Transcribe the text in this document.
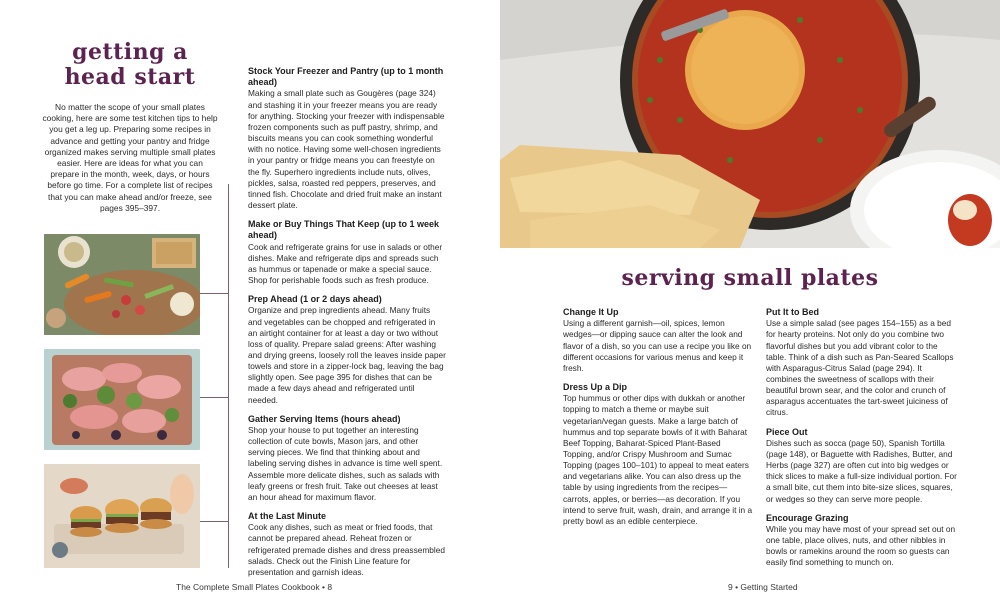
getting a
head start
No matter the scope of your small plates cooking, here are some test kitchen tips to help you get a leg up. Preparing some recipes in advance and getting your pantry and fridge organized makes serving multiple small plates easier. Here are ideas for what you can prepare in the month, week, days, or hours before go time. For a complete list of recipes that you can make ahead and/or freeze, see pages 395–397.
Stock Your Freezer and Pantry (up to 1 month ahead)
Making a small plate such as Gougères (page 324) and stashing it in your freezer means you are ready for anything. Stocking your freezer with indispensable frozen components such as puff pastry, shrimp, and biscuits means you can cook something wonderful with no notice. Having some well-chosen ingredients in your pantry or fridge means you can freestyle on the fly. Superhero ingredients include nuts, olives, pickles, salsa, roasted red peppers, preserves, and tinned fish. Chocolate and dried fruit make an instant dessert plate.
Make or Buy Things That Keep (up to 1 week ahead)
Cook and refrigerate grains for use in salads or other dishes. Make and refrigerate dips and spreads such as hummus or tapenade or make a special sauce. Shop for perishable foods such as fresh produce.
Prep Ahead (1 or 2 days ahead)
Organize and prep ingredients ahead. Many fruits and vegetables can be chopped and refrigerated in an airtight container for at least a day or two without loss of quality. Prepare salad greens: After washing and drying greens, loosely roll the leaves inside paper towels and store in a zipper-lock bag, leaving the bag slightly open. See page 395 for dishes that can be made a few days ahead and refrigerated until needed.
Gather Serving Items (hours ahead)
Shop your house to put together an interesting collection of cute bowls, Mason jars, and other serving pieces. We find that thinking about and labeling serving dishes in advance is time well spent. Assemble more delicate dishes, such as salads with leafy greens or fresh fruit. Take out cheeses at least an hour ahead for maximum flavor.
At the Last Minute
Cook any dishes, such as meat or fried foods, that cannot be prepared ahead. Reheat frozen or refrigerated premade dishes and dress preassembled salads. Check out the Finish Line feature for presentation and garnish ideas.
The Complete Small Plates Cookbook • 8
serving small plates
Change It Up
Using a different garnish—oil, spices, lemon wedges—or dipping sauce can alter the look and flavor of a dish, so you can use a recipe you like on different occasions for various menus and keep it fresh.
Dress Up a Dip
Top hummus or other dips with dukkah or another topping to match a theme or maybe suit vegetarian/vegan guests. Make a large batch of hummus and top separate bowls of it with Baharat Beef Topping, Baharat-Spiced Plant-Based Topping, and/or Crispy Mushroom and Sumac Topping (pages 100–101) to appeal to meat eaters and vegetarians alike. You can also dress up the table by using ingredients from the recipes—carrots, apples, or berries—as decoration. If you intend to serve fruit, wash, drain, and arrange it in a pretty bowl as an edible centerpiece.
Put It to Bed
Use a simple salad (see pages 154–155) as a bed for hearty proteins. Not only do you combine two flavorful dishes but you add vibrant color to the table. Think of a dish such as Pan-Seared Scallops with Asparagus-Citrus Salad (page 294). It combines the sweetness of scallops with their beautiful brown sear, and the color and crunch of asparagus accentuates the tart-sweet juiciness of citrus.
Piece Out
Dishes such as socca (page 50), Spanish Tortilla (page 148), or Baguette with Radishes, Butter, and Herbs (page 327) are often cut into big wedges or thick slices to make a full-size individual portion. For a small bite, cut them into bite-size slices, squares, or wedges so they can serve more people.
Encourage Grazing
While you may have most of your spread set out on one table, place olives, nuts, and other nibbles in bowls or ramekins around the room so guests can easily find something to munch on.
9 • Getting Started
